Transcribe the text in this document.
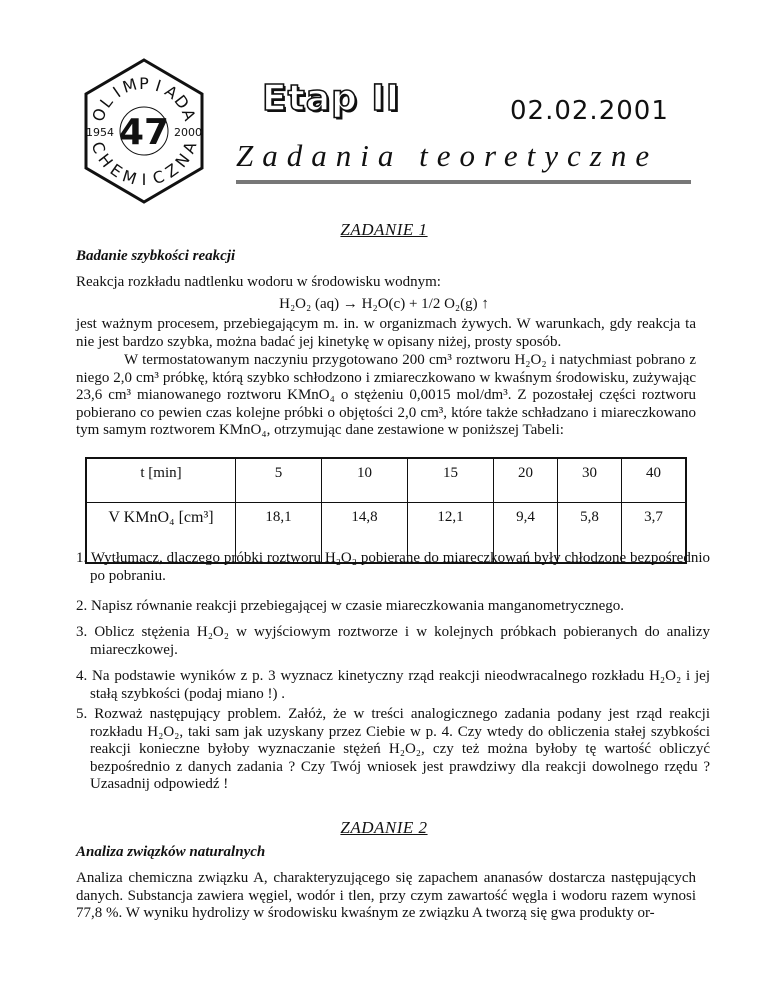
O
L
I
M P I
A
D
A
C
H
E
M I C
Z
N
A
47
1954	2000
Etap II	02.02.2001
Zadania teoretyczne
ZADANIE 1
Badanie szybkości reakcji

Reakcja rozkładu nadtlenku wodoru w środowisku wodnym:

H₂O₂ (aq) → H₂O(c) + 1/2 O₂(g) ↑

jest ważnym procesem, przebiegającym m. in. w organizmach żywych. W warunkach, gdy reakcja ta nie jest bardzo szybka, można badać jej kinetykę w opisany niżej, prosty sposób.

W termostatowanym naczyniu przygotowano 200 cm³ roztworu H₂O₂ i natychmiast pobrano z niego 2,0 cm³ próbkę, którą szybko schłodzono i zmiareczkowano w kwaśnym środowisku, zużywając 23,6 cm³ mianowanego roztworu KMnO₄ o stężeniu 0,0015 mol/dm³. Z pozostałej części roztworu pobierano co pewien czas kolejne próbki o objętości 2,0 cm³, które także schładzano i miareczkowano tym samym roztworem KMnO₄, otrzymując dane zestawione w poniższej Tabeli:

t [min]	5	10	15	20	30	40
V KMnO₄ [cm³]	18,1	14,8	12,1	9,4	5,8	3,7

1. Wytłumacz, dlaczego próbki roztworu H₂O₂ pobierane do miareczkowań były chłodzone bezpośrednio po pobraniu.

2. Napisz równanie reakcji przebiegającej w czasie miareczkowania manganometrycznego.

3. Oblicz stężenia H₂O₂ w wyjściowym roztworze i w kolejnych próbkach pobieranych do analizy miareczkowej.

4. Na podstawie wyników z p. 3 wyznacz kinetyczny rząd reakcji nieodwracalnego rozkładu H₂O₂ i jej stałą szybkości (podaj miano !) .

5. Rozważ następujący problem. Załóż, że w treści analogicznego zadania podany jest rząd reakcji rozkładu H₂O₂, taki sam jak uzyskany przez Ciebie w p. 4. Czy wtedy do obliczenia stałej szybkości reakcji konieczne byłoby wyznaczanie stężeń H₂O₂, czy też można byłoby tę wartość obliczyć bezpośrednio z danych zadania ? Czy Twój wniosek jest prawdziwy dla reakcji dowolnego rzędu ? Uzasadnij odpowiedź !

ZADANIE 2
Analiza związków naturalnych

Analiza chemiczna związku A, charakteryzującego się zapachem ananasów dostarcza następujących danych. Substancja zawiera węgiel, wodór i tlen, przy czym zawartość węgla i wodoru razem wynosi 77,8 %. W wyniku hydrolizy w środowisku kwaśnym ze związku A tworzą się gwa produkty or-
